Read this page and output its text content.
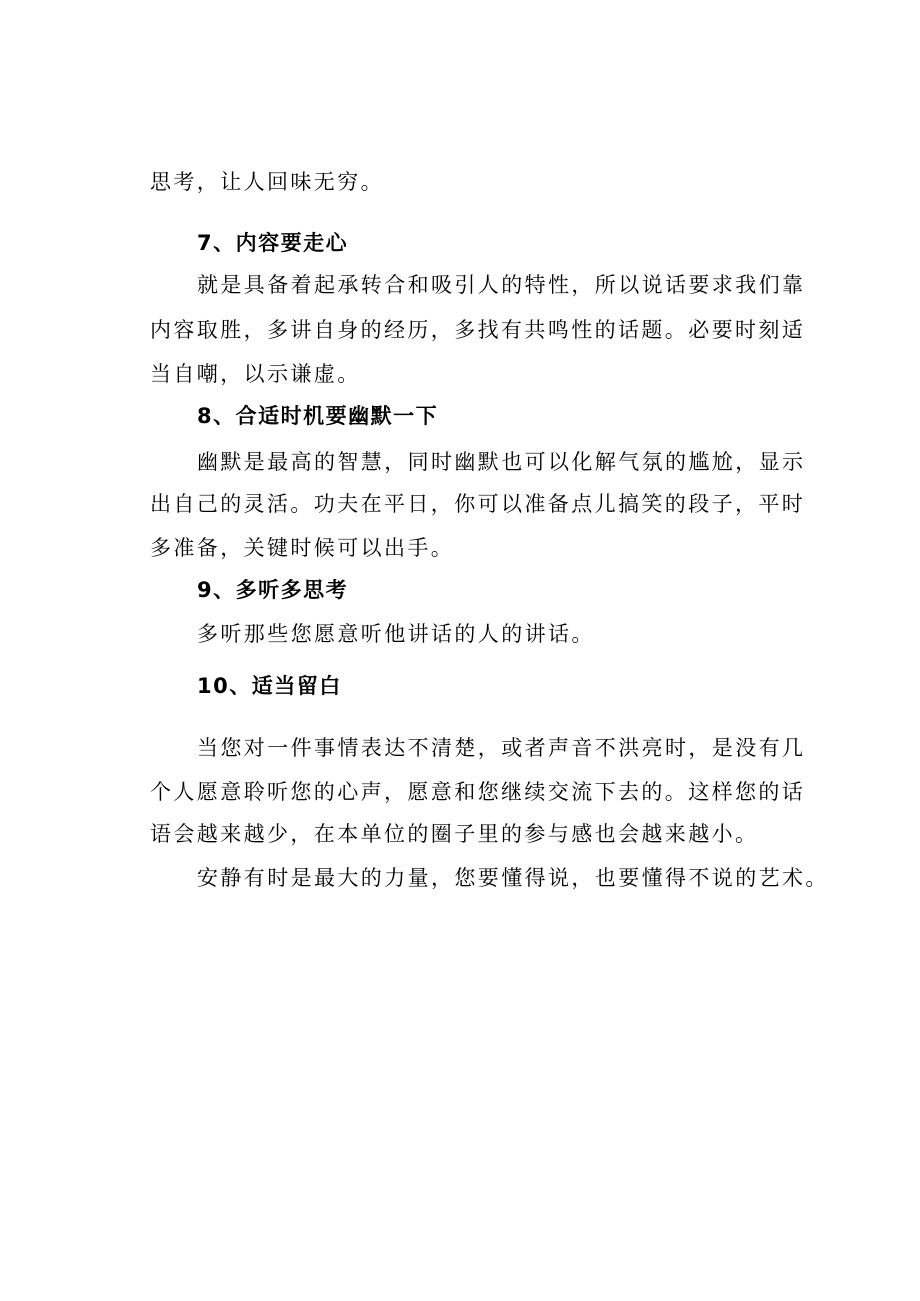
思考，让人回味无穷。
7、内容要走心
就是具备着起承转合和吸引人的特性，所以说话要求我们靠
内容取胜，多讲自身的经历，多找有共鸣性的话题。必要时刻适
当自嘲，以示谦虚。
8、合适时机要幽默一下
幽默是最高的智慧，同时幽默也可以化解气氛的尴尬，显示
出自己的灵活。功夫在平日，你可以准备点儿搞笑的段子，平时
多准备，关键时候可以出手。
9、多听多思考
多听那些您愿意听他讲话的人的讲话。
10、适当留白
当您对一件事情表达不清楚，或者声音不洪亮时，是没有几
个人愿意聆听您的心声，愿意和您继续交流下去的。这样您的话
语会越来越少，在本单位的圈子里的参与感也会越来越小。
安静有时是最大的力量，您要懂得说，也要懂得不说的艺术。
